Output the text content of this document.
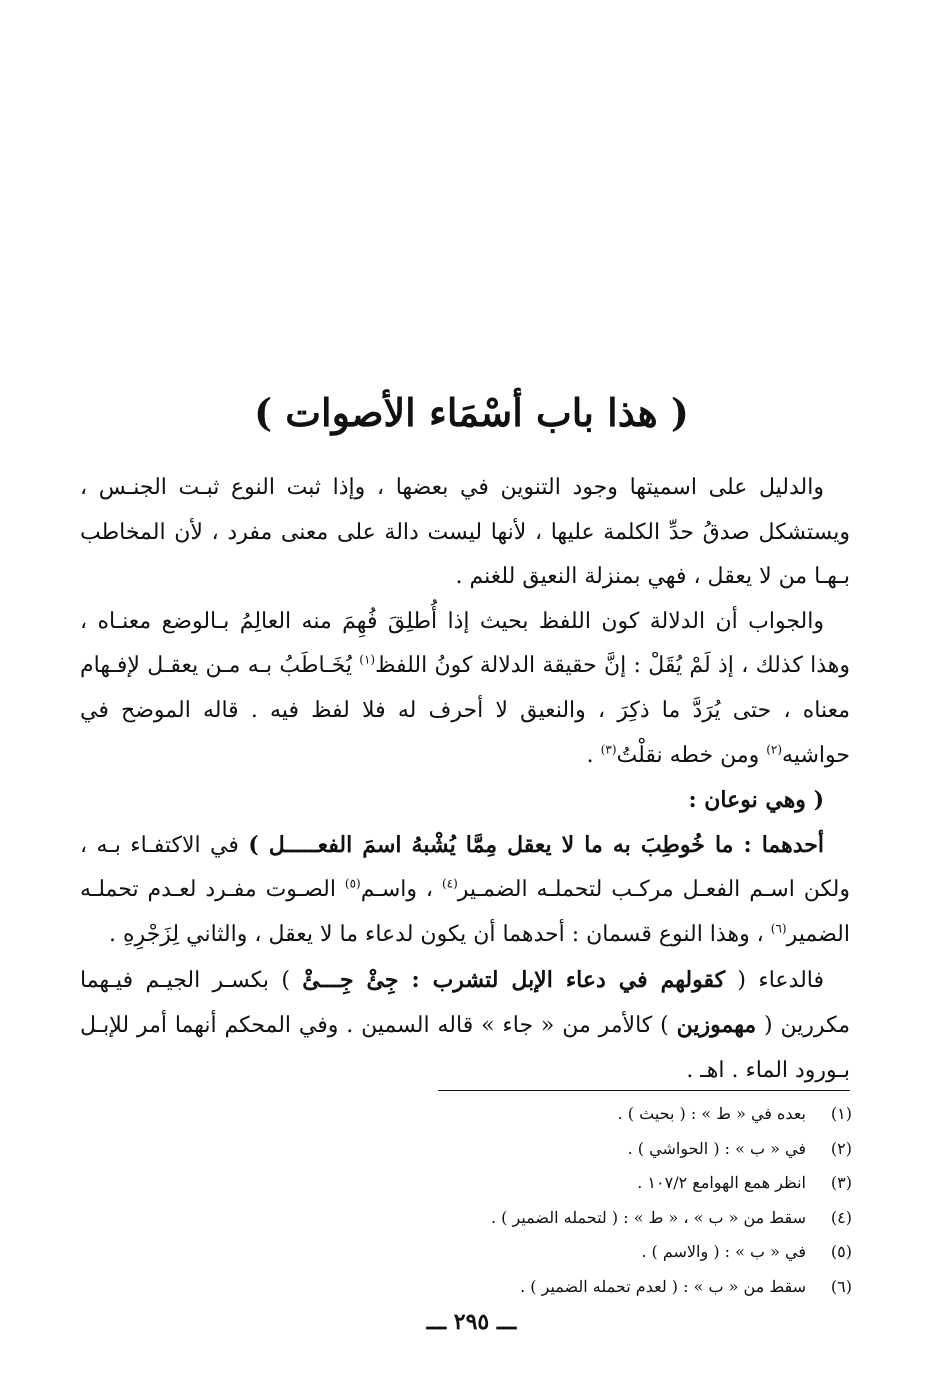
( هذا باب أسْمَاء الأصوات )

والدليل على اسميتها وجود التنوين في بعضها ، وإذا ثبت النوع ثبـت الجنـس ، ويستشكل صدقُ حدِّ الكلمة عليها ، لأنها ليست دالة على معنى مفرد ، لأن المخاطب بـهـا من لا يعقل ، فهي بمنزلة النعيق للغنم .

والجواب أن الدلالة كون اللفظ بحيث إذا أُطلِقَ فُهِمَ منه العالِمُ بـالوضع معنـاه ، وهذا كذلك ، إذ لَمْ يُقَلْ : إنَّ حقيقة الدلالة كونُ اللفظ$^{(١)}$ يُخَـاطَبُ بـه مـن يعقـل لإفـهام معناه ، حتى يُرَدَّ ما ذكِرَ ، والنعيق لا أحرف له فلا لفظ فيه . قاله الموضح في حواشيه$^{(٢)}$ ومن خطه نقلْتُ$^{(٣)}$ .

( وهي نوعان :

أحدهما : ما خُوطِبَ به ما لا يعقل مِمَّا يُشْبهُ اسمَ الفعـــــل ) في الاكتفـاء بـه ، ولكن اسـم الفعـل مركـب لتحملـه الضمـير$^{(٤)}$ ، واسـم$^{(٥)}$ الصـوت مفـرد لعـدم تحملـه الضمير$^{(٦)}$ ، وهذا النوع قسمان : أحدهما أن يكون لدعاء ما لا يعقل ، والثاني لِزَجْرِهِ .

فالدعاء ( كقولهم في دعاء الإبل لتشرب : جِئْ جِـــئْ ) بكسـر الجيـم فيـهما مكررين ( مهموزين ) كالأمر من « جاء » قاله السمين . وفي المحكم أنهما أمر للإبـل بـورود الماء . اهـ .

(١)
بعده في « ط » : ( بحيث ) .
(٢)
في « ب » : ( الحواشي ) .
(٣)
انظر همع الهوامع ١٠٧/٢ .
(٤)
سقط من « ب » ، « ط » : ( لتحمله الضمير ) .
(٥)
في « ب » : ( والاسم ) .
(٦)
سقط من « ب » : ( لعدم تحمله الضمير ) .
ـــ ٢٩٥ ـــ
